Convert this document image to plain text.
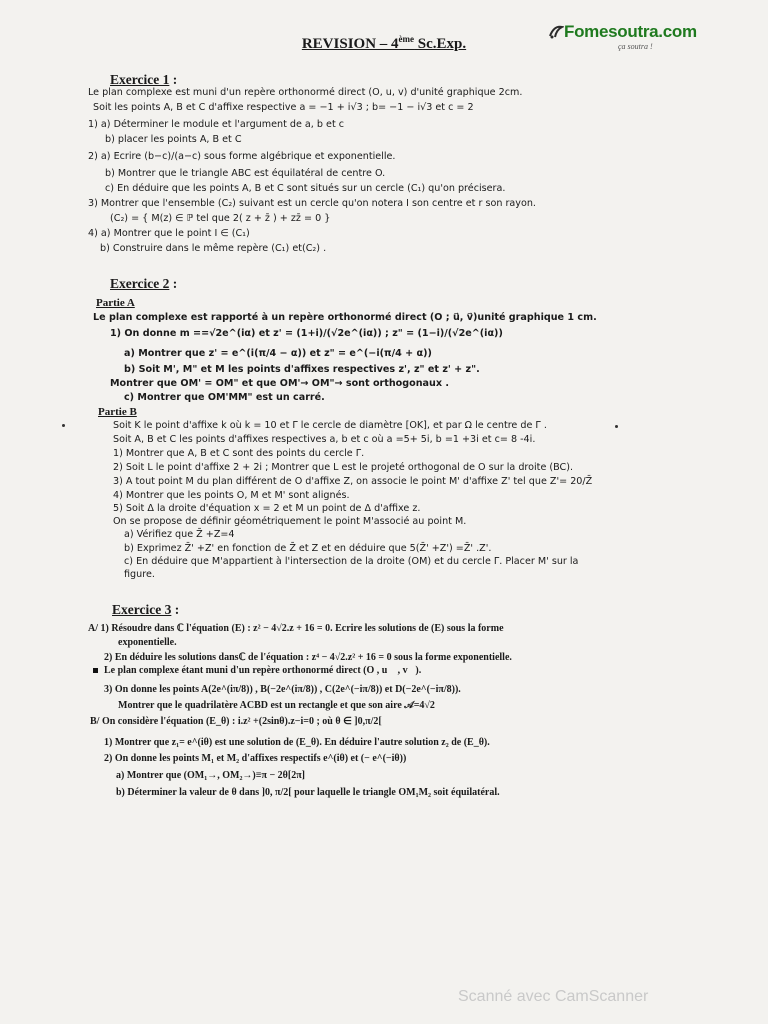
REVISION – 4ème Sc.Exp.
Fomesoutra.com
ça soutra !
Exercice 1 :
Le plan complexe est muni d'un repère orthonormé direct (O, u, v) d'unité graphique 2cm.
Soit les points A, B et C d'affixe respective a = −1 + i√3 ; b= −1 − i√3 et c = 2
1) a) Déterminer le module et l'argument de a, b et c
b) placer les points A, B et C
2) a) Ecrire (b−c)/(a−c) sous forme algébrique et exponentielle.
b) Montrer que le triangle ABC est équilatéral de centre O.
c) En déduire que les points A, B et C sont situés sur un cercle (C₁) qu'on précisera.
3) Montrer que l'ensemble (C₂) suivant est un cercle qu'on notera I son centre et r son rayon.
(C₂) = { M(z) ∈ ℙ tel que 2( z + z̄ ) + zz̄ = 0 }
4) a) Montrer que le point I ∈ (C₁)
b) Construire dans le même repère (C₁) et(C₂) .
Exercice 2 :
Partie A
Le plan complexe est rapporté à un repère orthonormé direct (O ; u⃗, v⃗)unité graphique 1 cm.
1) On donne m ==√2e^(iα) et z' = (1+i)/(√2e^(iα)) ; z" = (1−i)/(√2e^(iα))
a) Montrer que z' = e^(i(π/4 − α)) et z" = e^(−i(π/4 + α))
b) Soit M', M" et M les points d'affixes respectives z', z" et z' + z".
Montrer que OM' = OM" et que OM'→ OM"→ sont orthogonaux .
c) Montrer que OM'MM" est un carré.
Partie B
Soit K le point d'affixe k où k = 10 et Γ le cercle de diamètre [OK], et par Ω le centre de Γ .
Soit A, B et C les points d'affixes respectives a, b et c où a =5+ 5i, b =1 +3i et c= 8 -4i.
1) Montrer que A, B et C sont des points du cercle Γ.
2) Soit L le point d'affixe 2 + 2i ; Montrer que L est le projeté orthogonal de O sur la droite (BC).
3) A tout point M du plan différent de O d'affixe Z, on associe le point M' d'affixe Z' tel que Z'= 20/Z̄
4) Montrer que les points O, M et M' sont alignés.
5) Soit Δ la droite d'équation x = 2 et M un point de Δ d'affixe z.
On se propose de définir géométriquement le point M'associé au point M.
a) Vérifiez que Z̄ +Z=4
b) Exprimez Z̄' +Z' en fonction de Z̄ et Z et en déduire que 5(Z̄' +Z') =Z̄' .Z'.
c) En déduire que M'appartient à l'intersection de la droite (OM) et du cercle Γ. Placer M' sur la
figure.
Exercice 3 :
A/ 1) Résoudre dans ℂ l'équation (E) : z² − 4√2.z + 16 = 0. Ecrire les solutions de (E) sous la forme
exponentielle.
2) En déduire les solutions dansℂ de l'équation : z⁴ − 4√2.z² + 16 = 0 sous la forme exponentielle.
Le plan complexe étant muni d'un repère orthonormé direct (O , u⃗ , v⃗).
3) On donne les points A(2e^(iπ/8)) , B(−2e^(iπ/8)) , C(2e^(−iπ/8)) et D(−2e^(−iπ/8)).
Montrer que le quadrilatère ACBD est un rectangle et que son aire 𝒜=4√2
B/ On considère l'équation (E_θ) : i.z² +(2sinθ).z−i=0 ; où θ ∈ ]0,π/2[
1) Montrer que z₁= e^(iθ) est une solution de (E_θ). En déduire l'autre solution z₂ de (E_θ).
2) On donne les points M₁ et M₂ d'affixes respectifs e^(iθ) et (− e^(−iθ))
a) Montrer que (OM₁→, OM₂→)≡π − 2θ[2π]
b) Déterminer la valeur de θ dans ]0, π/2[ pour laquelle le triangle OM₁M₂ soit équilatéral.
Scanné avec CamScanner
